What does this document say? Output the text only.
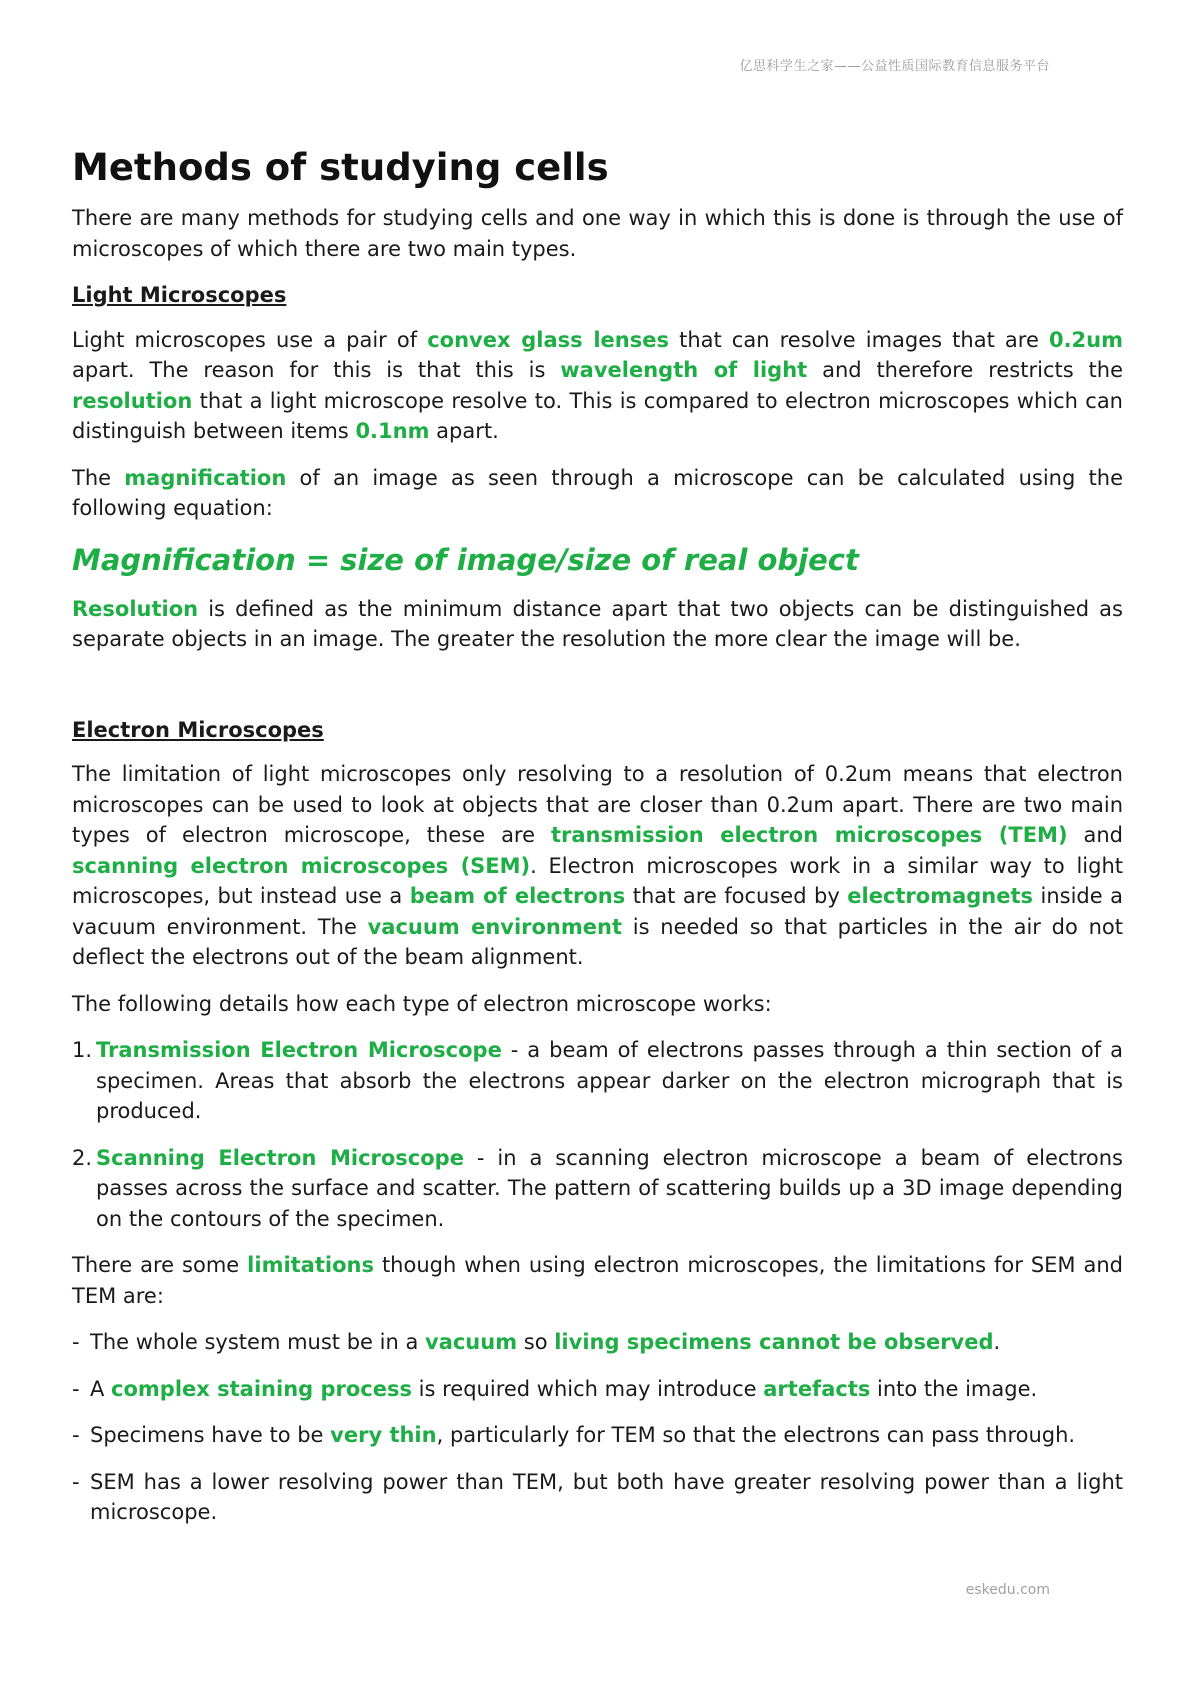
亿思科学生之家——公益性质国际教育信息服务平台
Methods of studying cells

There are many methods for studying cells and one way in which this is done is through the use of microscopes of which there are two main types.

Light Microscopes

Light microscopes use a pair of convex glass lenses that can resolve images that are 0.2um apart. The reason for this is that this is wavelength of light and therefore restricts the resolution that a light microscope resolve to. This is compared to electron microscopes which can distinguish between items 0.1nm apart.

The magnification of an image as seen through a microscope can be calculated using the following equation:

Magnification = size of image/size of real object

Resolution is defined as the minimum distance apart that two objects can be distinguished as separate objects in an image. The greater the resolution the more clear the image will be.

Electron Microscopes

The limitation of light microscopes only resolving to a resolution of 0.2um means that electron microscopes can be used to look at objects that are closer than 0.2um apart. There are two main types of electron microscope, these are transmission electron microscopes (TEM) and scanning electron microscopes (SEM). Electron microscopes work in a similar way to light microscopes, but instead use a beam of electrons that are focused by electromagnets inside a vacuum environment. The vacuum environment is needed so that particles in the air do not deflect the electrons out of the beam alignment.

The following details how each type of electron microscope works:

1. Transmission Electron Microscope - a beam of electrons passes through a thin section of a specimen. Areas that absorb the electrons appear darker on the electron micrograph that is produced.
2. Scanning Electron Microscope - in a scanning electron microscope a beam of electrons passes across the surface and scatter. The pattern of scattering builds up a 3D image depending on the contours of the specimen.

There are some limitations though when using electron microscopes, the limitations for SEM and TEM are:

- The whole system must be in a vacuum so living specimens cannot be observed.
- A complex staining process is required which may introduce artefacts into the image.
- Specimens have to be very thin, particularly for TEM so that the electrons can pass through.
- SEM has a lower resolving power than TEM, but both have greater resolving power than a light microscope.
eskedu.com
